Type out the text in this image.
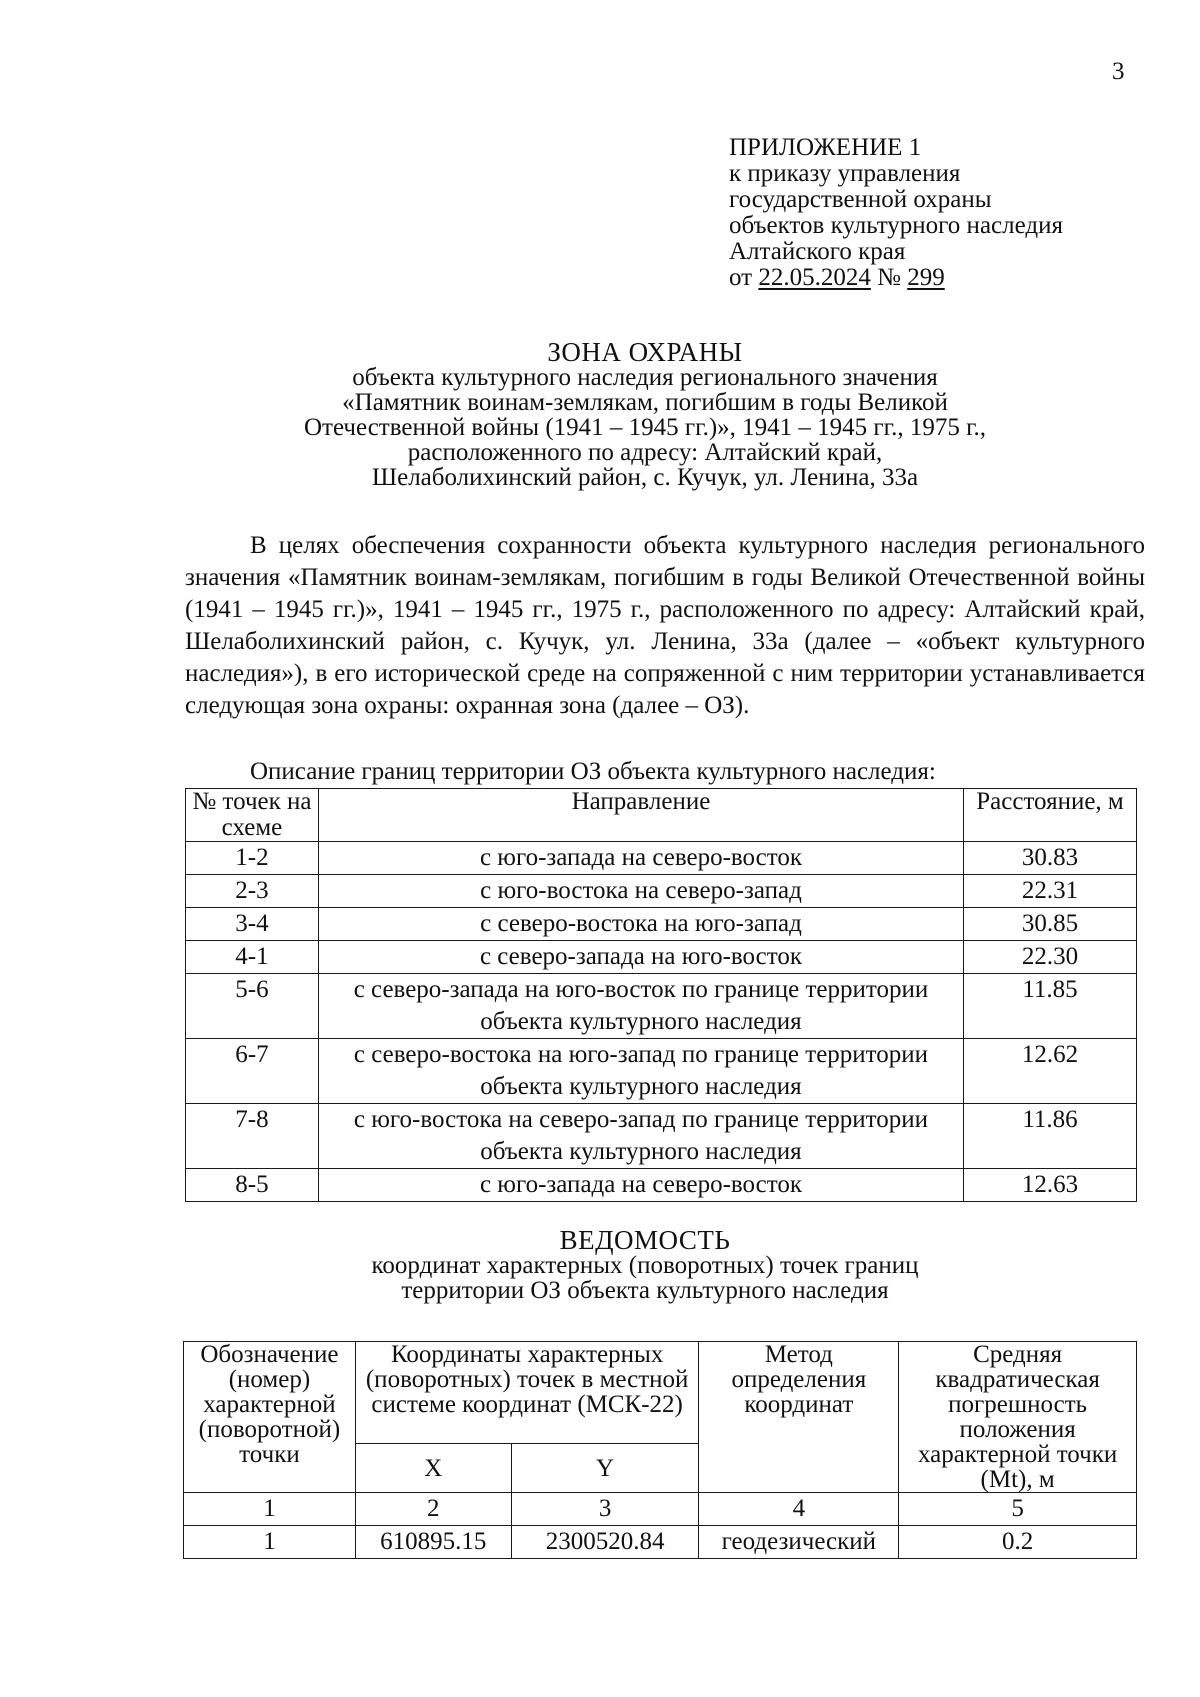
3
ПРИЛОЖЕНИЕ 1
к приказу управления
государственной охраны
объектов культурного наследия
Алтайского края
от 22.05.2024 № 299
ЗОНА ОХРАНЫ
объекта культурного наследия регионального значения
«Памятник воинам-землякам, погибшим в годы Великой
Отечественной войны (1941 – 1945 гг.)», 1941 – 1945 гг., 1975 г.,
расположенного по адресу: Алтайский край,
Шелаболихинский район, с. Кучук, ул. Ленина, 33а

В целях обеспечения сохранности объекта культурного наследия регионального значения «Памятник воинам-землякам, погибшим в годы Великой Отечественной войны (1941 – 1945 гг.)», 1941 – 1945 гг., 1975 г., расположенного по адресу: Алтайский край, Шелаболихинский район, с. Кучук, ул. Ленина, 33а (далее – «объект культурного наследия»), в его исторической среде на сопряженной с ним территории устанавливается следующая зона охраны: охранная зона (далее – ОЗ).

Описание границ территории ОЗ объекта культурного наследия:
№ точек на схеме	Направление	Расстояние, м
1-2	с юго-запада на северо-восток	30.83
2-3	с юго-востока на северо-запад	22.31
3-4	с северо-востока на юго-запад	30.85
4-1	с северо-запада на юго-восток	22.30
5-6	с северо-запада на юго-восток по границе территории объекта культурного наследия	11.85
6-7	с северо-востока на юго-запад по границе территории объекта культурного наследия	12.62
7-8	с юго-востока на северо-запад по границе территории объекта культурного наследия	11.86
8-5	с юго-запада на северо-восток	12.63
ВЕДОМОСТЬ
координат характерных (поворотных) точек границ
территории ОЗ объекта культурного наследия
Обозначение (номер) характерной (поворотной) точки	Координаты характерных (поворотных) точек в местной системе координат (МСК-22)		Метод определения координат	Средняя квадратическая погрешность положения характерной точки (Mt), м
	X	Y		
1	2	3	4	5
1	610895.15	2300520.84	геодезический	0.2
